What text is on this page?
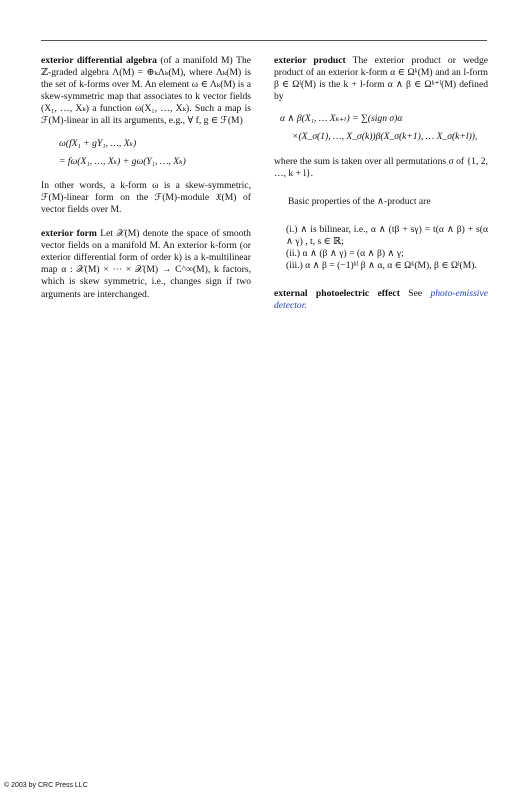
exterior differential algebra (of a manifold M) The ℤ-graded algebra Λ(M) = ⊕ₖΛₖ(M), where Λₖ(M) is the set of k-forms over M. An element ω ∈ Λₖ(M) is a skew-symmetric map that associates to k vector fields (X₁, …, Xₖ) a function ω(X₁, …, Xₖ). Such a map is ℱ(M)-linear in all its arguments, e.g., ∀ f, g ∈ ℱ(M)

ω(fX₁ + gY₁, …, Xₖ)

= fω(X₁, …, Xₖ) + gω(Y₁, …, Xₖ)

In other words, a k-form ω is a skew-symmetric, ℱ(M)-linear form on the ℱ(M)-module 𝔛(M) of vector fields over M.

exterior form Let 𝒳(M) denote the space of smooth vector fields on a manifold M. An exterior k-form (or exterior differential form of order k) is a k-multilinear map α : 𝒳(M) × ⋯ × 𝒳(M) → C^∞(M), k factors, which is skew symmetric, i.e., changes sign if two arguments are interchanged.

exterior product The exterior product or wedge product of an exterior k-form α ∈ Ωᵏ(M) and an l-form β ∈ Ωˡ(M) is the k + l-form α ∧ β ∈ Ωᵏ⁺ˡ(M) defined by

α ∧ β(X₁, … Xₖ₊ₗ) = ∑(sign σ)α

×(X_σ(1), …, X_σ(k))β(X_σ(k+1), … X_σ(k+l)),

where the sum is taken over all permutations σ of {1, 2, …, k + l}.

Basic properties of the ∧-product are

(i.) ∧ is bilinear, i.e., α ∧ (tβ + sγ) = t(α ∧ β) + s(α ∧ γ) , t, s ∈ ℝ;
(ii.) α ∧ (β ∧ γ) = (α ∧ β) ∧ γ;
(iii.) α ∧ β = (−1)ᵏˡ β ∧ α, α ∈ Ωᵏ(M), β ∈ Ωˡ(M).

external photoelectric effect See photo-emissive detector.

© 2003 by CRC Press LLC
